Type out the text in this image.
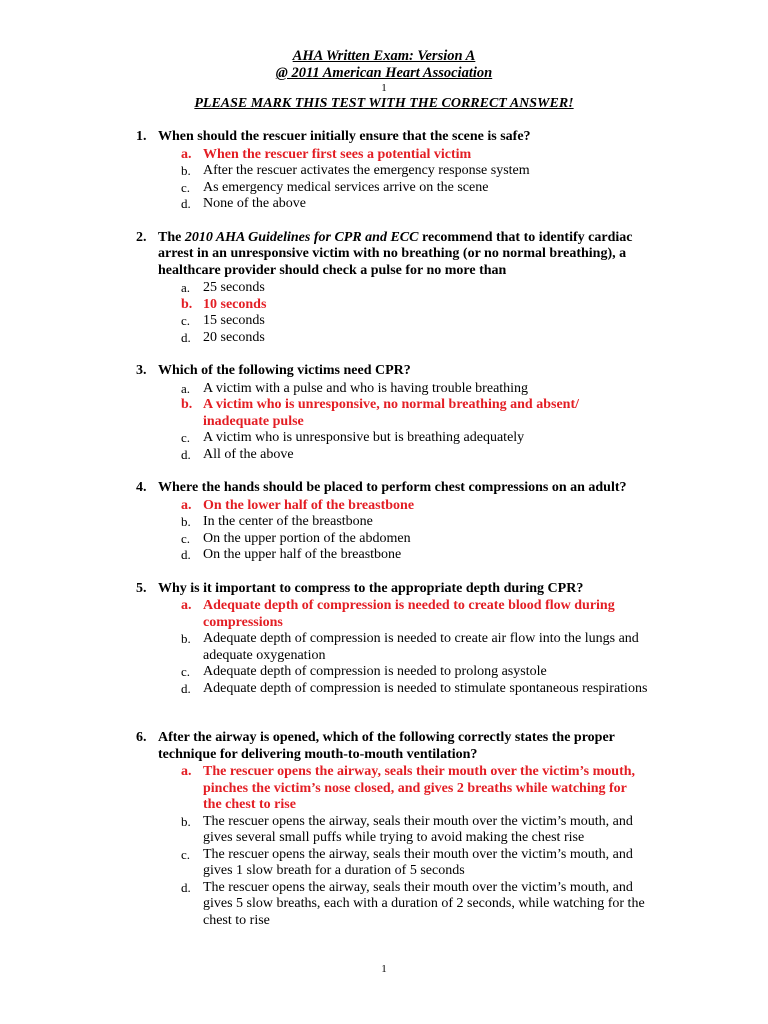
AHA Written Exam: Version A
@ 2011 American Heart Association
1
PLEASE MARK THIS TEST WITH THE CORRECT ANSWER!
1. When should the rescuer initially ensure that the scene is safe?
a. When the rescuer first sees a potential victim
b. After the rescuer activates the emergency response system
c. As emergency medical services arrive on the scene
d. None of the above
2. The 2010 AHA Guidelines for CPR and ECC recommend that to identify cardiac arrest in an unresponsive victim with no breathing (or no normal breathing), a healthcare provider should check a pulse for no more than
a. 25 seconds
b. 10 seconds
c. 15 seconds
d. 20 seconds
3. Which of the following victims need CPR?
a. A victim with a pulse and who is having trouble breathing
b. A victim who is unresponsive, no normal breathing and absent/ inadequate pulse
c. A victim who is unresponsive but is breathing adequately
d. All of the above
4. Where the hands should be placed to perform chest compressions on an adult?
a. On the lower half of the breastbone
b. In the center of the breastbone
c. On the upper portion of the abdomen
d. On the upper half of the breastbone
5. Why is it important to compress to the appropriate depth during CPR?
a. Adequate depth of compression is needed to create blood flow during compressions
b. Adequate depth of compression is needed to create air flow into the lungs and adequate oxygenation
c. Adequate depth of compression is needed to prolong asystole
d. Adequate depth of compression is needed to stimulate spontaneous respirations
6. After the airway is opened, which of the following correctly states the proper technique for delivering mouth-to-mouth ventilation?
a. The rescuer opens the airway, seals their mouth over the victim’s mouth, pinches the victim’s nose closed, and gives 2 breaths while watching for the chest to rise
b. The rescuer opens the airway, seals their mouth over the victim’s mouth, and gives several small puffs while trying to avoid making the chest rise
c. The rescuer opens the airway, seals their mouth over the victim’s mouth, and gives 1 slow breath for a duration of 5 seconds
d. The rescuer opens the airway, seals their mouth over the victim’s mouth, and gives 5 slow breaths, each with a duration of 2 seconds, while watching for the chest to rise
1
